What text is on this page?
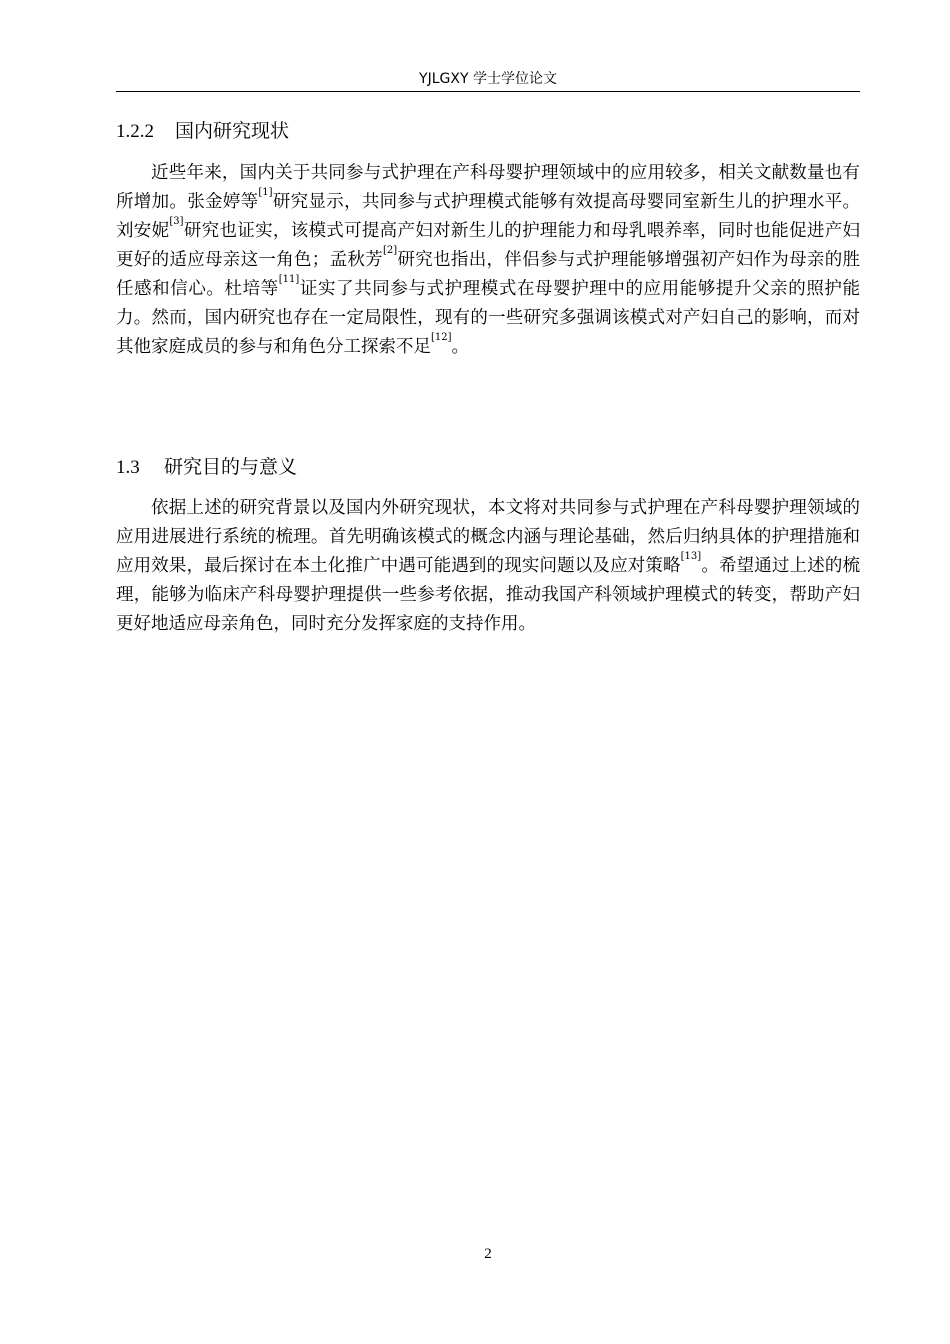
YJLGXY 学士学位论文
1.2.2 国内研究现状

近些年来，国内关于共同参与式护理在产科母婴护理领域中的应用较多，相关文献数量也有所增加。张金婷等[1]研究显示，共同参与式护理模式能够有效提高母婴同室新生儿的护理水平。刘安妮[3]研究也证实，该模式可提高产妇对新生儿的护理能力和母乳喂养率，同时也能促进产妇更好的适应母亲这一角色；孟秋芳[2]研究也指出，伴侣参与式护理能够增强初产妇作为母亲的胜任感和信心。杜培等[11]证实了共同参与式护理模式在母婴护理中的应用能够提升父亲的照护能力。然而，国内研究也存在一定局限性，现有的一些研究多强调该模式对产妇自己的影响，而对其他家庭成员的参与和角色分工探索不足[12]。

1.3 研究目的与意义

依据上述的研究背景以及国内外研究现状，本文将对共同参与式护理在产科母婴护理领域的应用进展进行系统的梳理。首先明确该模式的概念内涵与理论基础，然后归纳具体的护理措施和应用效果，最后探讨在本土化推广中遇可能遇到的现实问题以及应对策略[13]。希望通过上述的梳理，能够为临床产科母婴护理提供一些参考依据，推动我国产科领域护理模式的转变，帮助产妇更好地适应母亲角色，同时充分发挥家庭的支持作用。

2
